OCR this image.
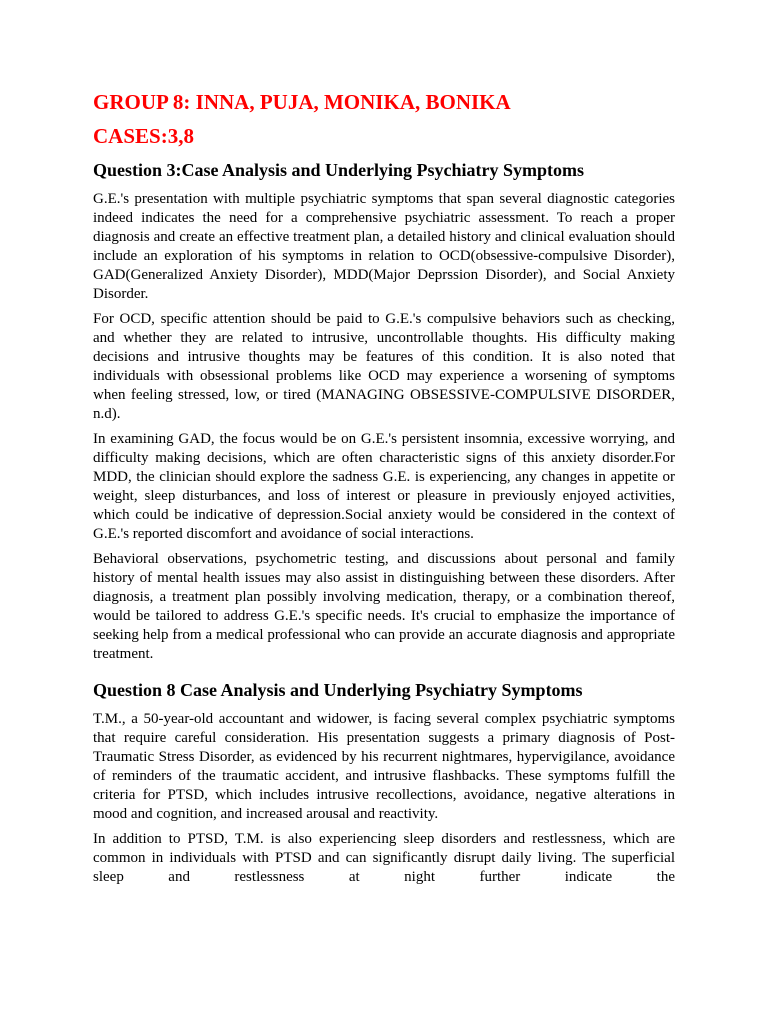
GROUP 8: INNA, PUJA, MONIKA, BONIKA
CASES:3,8
Question 3:Case Analysis and Underlying Psychiatry Symptoms

G.E.'s presentation with multiple psychiatric symptoms that span several diagnostic categories indeed indicates the need for a comprehensive psychiatric assessment. To reach a proper diagnosis and create an effective treatment plan, a detailed history and clinical evaluation should include an exploration of his symptoms in relation to OCD(obsessive-compulsive Disorder), GAD(Generalized Anxiety Disorder), MDD(Major Deprssion Disorder), and Social Anxiety Disorder.

For OCD, specific attention should be paid to G.E.'s compulsive behaviors such as checking, and whether they are related to intrusive, uncontrollable thoughts. His difficulty making decisions and intrusive thoughts may be features of this condition. It is also noted that individuals with obsessional problems like OCD may experience a worsening of symptoms when feeling stressed, low, or tired (MANAGING OBSESSIVE-COMPULSIVE DISORDER, n.d).

In examining GAD, the focus would be on G.E.'s persistent insomnia, excessive worrying, and difficulty making decisions, which are often characteristic signs of this anxiety disorder.For MDD, the clinician should explore the sadness G.E. is experiencing, any changes in appetite or weight, sleep disturbances, and loss of interest or pleasure in previously enjoyed activities, which could be indicative of depression.Social anxiety would be considered in the context of G.E.'s reported discomfort and avoidance of social interactions.

Behavioral observations, psychometric testing, and discussions about personal and family history of mental health issues may also assist in distinguishing between these disorders. After diagnosis, a treatment plan possibly involving medication, therapy, or a combination thereof, would be tailored to address G.E.'s specific needs. It's crucial to emphasize the importance of seeking help from a medical professional who can provide an accurate diagnosis and appropriate treatment.

Question 8 Case Analysis and Underlying Psychiatry Symptoms

T.M., a 50-year-old accountant and widower, is facing several complex psychiatric symptoms that require careful consideration. His presentation suggests a primary diagnosis of Post-Traumatic Stress Disorder, as evidenced by his recurrent nightmares, hypervigilance, avoidance of reminders of the traumatic accident, and intrusive flashbacks. These symptoms fulfill the criteria for PTSD, which includes intrusive recollections, avoidance, negative alterations in mood and cognition, and increased arousal and reactivity.

In addition to PTSD, T.M. is also experiencing sleep disorders and restlessness, which are common in individuals with PTSD and can significantly disrupt daily living. The superficial sleep and restlessness at night further indicate the
